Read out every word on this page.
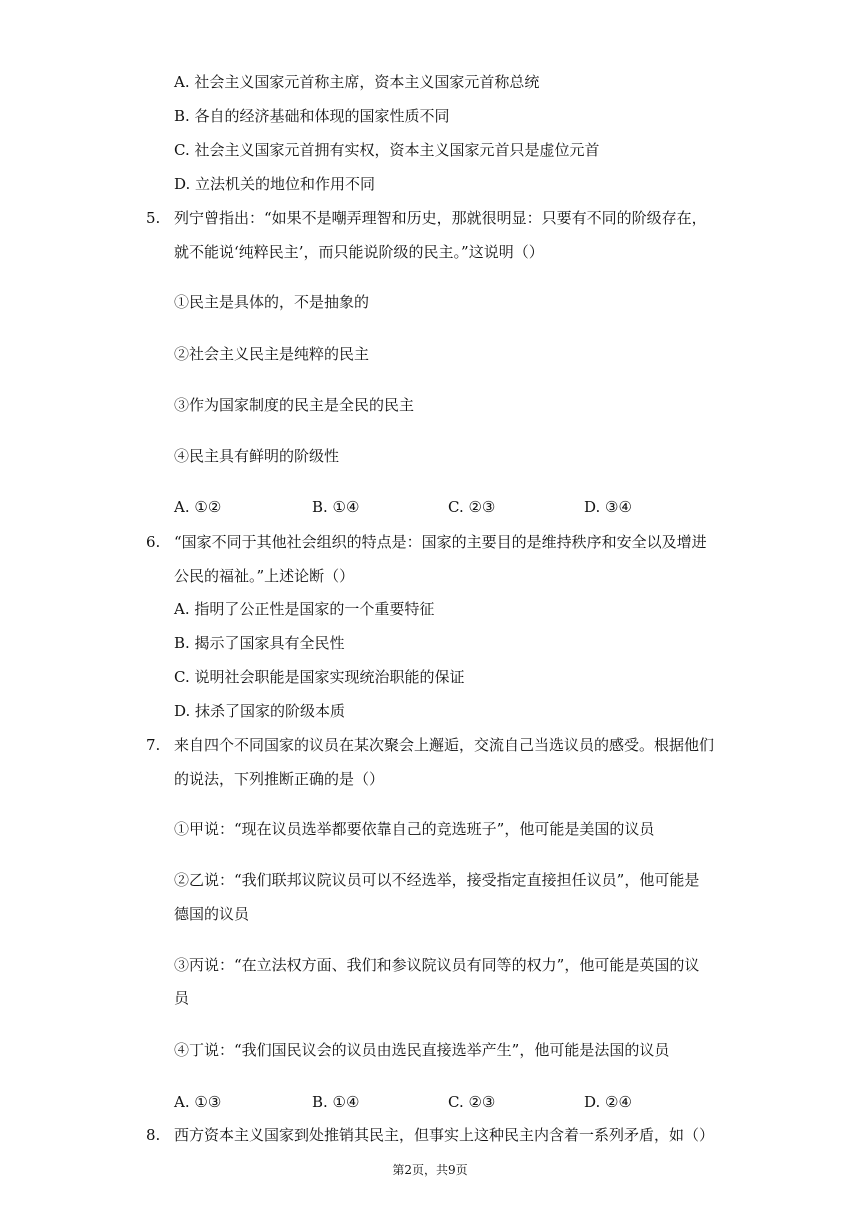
A. 社会主义国家元首称主席，资本主义国家元首称总统
B. 各自的经济基础和体现的国家性质不同
C. 社会主义国家元首拥有实权，资本主义国家元首只是虚位元首
D. 立法机关的地位和作用不同
5. 列宁曾指出：“如果不是嘲弄理智和历史，那就很明显：只要有不同的阶级存在，
就不能说‘纯粹民主’，而只能说阶级的民主。”这说明（）
①民主是具体的，不是抽象的
②社会主义民主是纯粹的民主
③作为国家制度的民主是全民的民主
④民主具有鲜明的阶级性
A. ①②	B. ①④	C. ②③	D. ③④
6. “国家不同于其他社会组织的特点是：国家的主要目的是维持秩序和安全以及增进
公民的福祉。”上述论断（）
A. 指明了公正性是国家的一个重要特征
B. 揭示了国家具有全民性
C. 说明社会职能是国家实现统治职能的保证
D. 抹杀了国家的阶级本质
7. 来自四个不同国家的议员在某次聚会上邂逅，交流自己当选议员的感受。根据他们
的说法，下列推断正确的是（）
①甲说：“现在议员选举都要依靠自己的竞选班子”，他可能是美国的议员
②乙说：“我们联邦议院议员可以不经选举，接受指定直接担任议员”，他可能是
德国的议员
③丙说：“在立法权方面、我们和参议院议员有同等的权力”，他可能是英国的议
员
④丁说：“我们国民议会的议员由选民直接选举产生”，他可能是法国的议员
A. ①③	B. ①④	C. ②③	D. ②④
8. 西方资本主义国家到处推销其民主，但事实上这种民主内含着一系列矛盾，如（）
第2页，共9页
